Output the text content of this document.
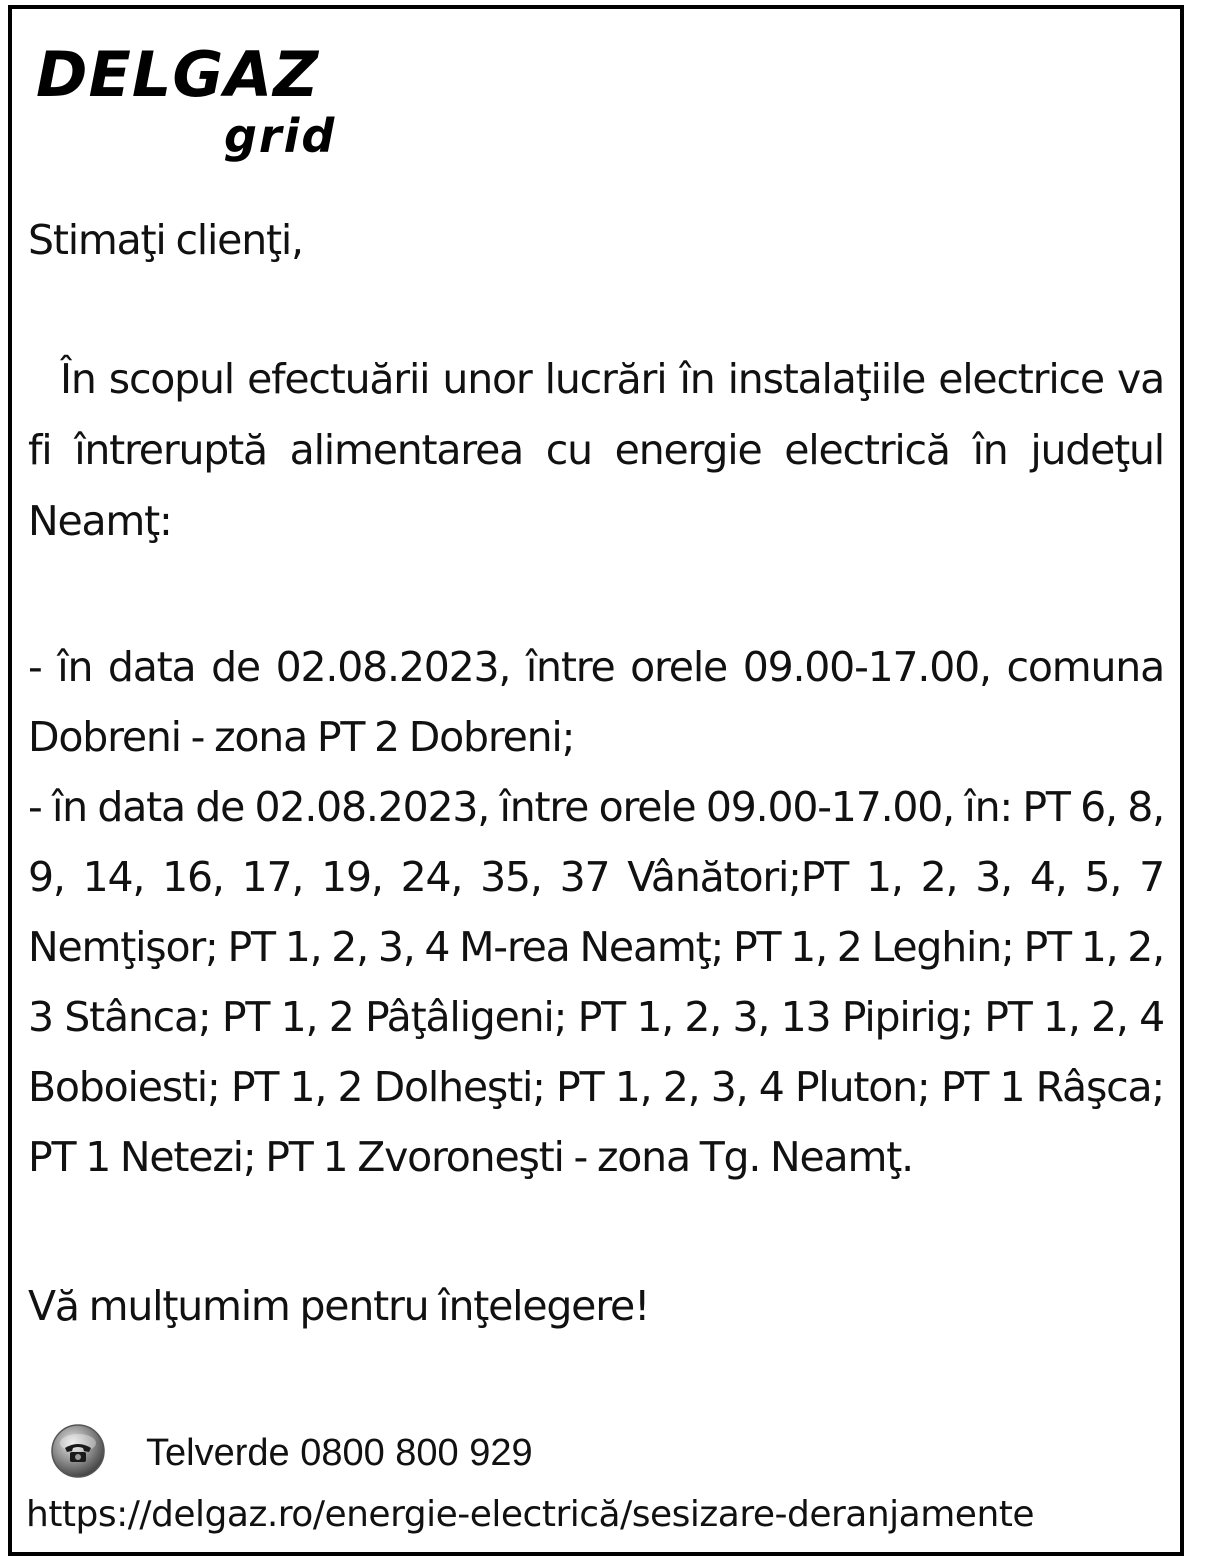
DELGAZ
grid

Stimaţi clienţi,

În scopul efectuării unor lucrări în instalaţiile electrice va fi întreruptă alimentarea cu energie electrică în judeţul Neamţ:

- în data de 02.08.2023, între orele 09.00-17.00, comuna Dobreni - zona PT 2 Dobreni;

- în data de 02.08.2023, între orele 09.00-17.00, în: PT 6, 8, 9, 14, 16, 17, 19, 24, 35, 37 Vânători;PT 1, 2, 3, 4, 5, 7 Nemţişor; PT 1, 2, 3, 4 M-rea Neamţ; PT 1, 2 Leghin; PT 1, 2, 3 Stânca; PT 1, 2 Pâţâligeni; PT 1, 2, 3, 13 Pipirig; PT 1, 2, 4 Boboiesti; PT 1, 2 Dolheşti; PT 1, 2, 3, 4 Pluton; PT 1 Râşca; PT 1 Netezi; PT 1 Zvoroneşti - zona Tg. Neamţ.

Vă mulţumim pentru înţelegere!

Telverde 0800 800 929
https://delgaz.ro/energie-electrică/sesizare-deranjamente
